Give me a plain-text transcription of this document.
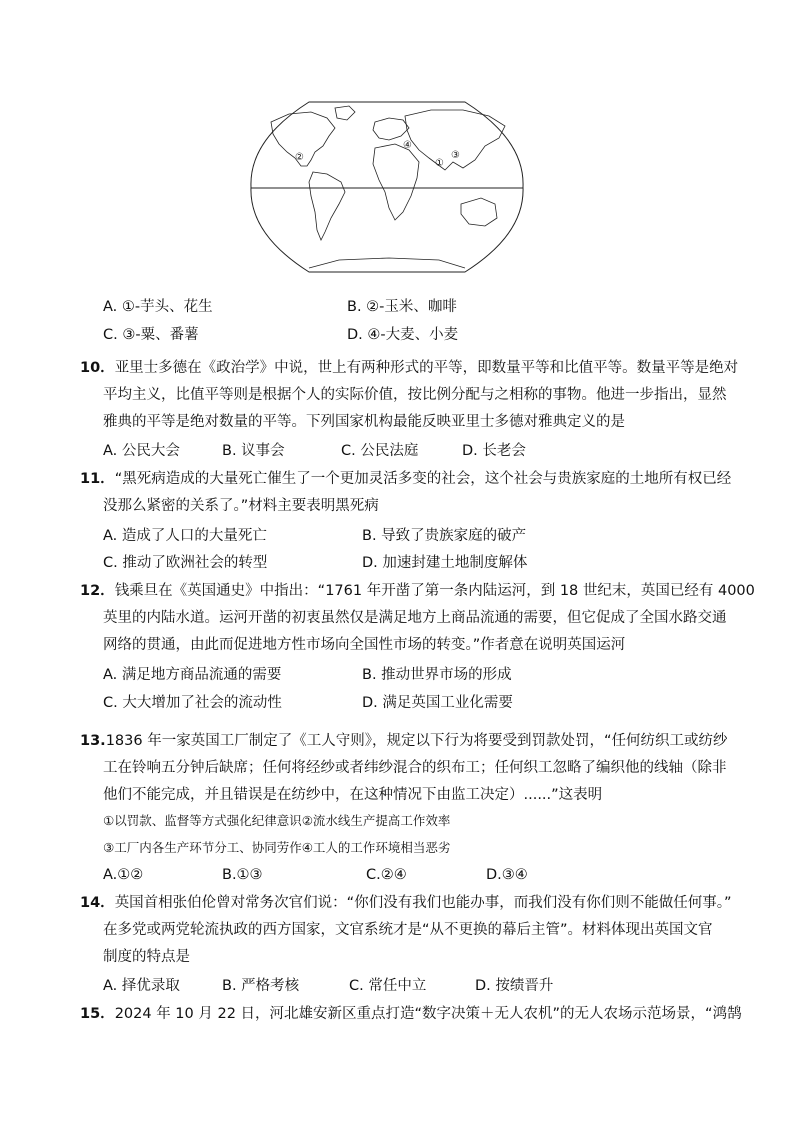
②
④
③
①
A. ①-芋头、花生	B. ②-玉米、咖啡
C. ③-粟、番薯	D. ④-大麦、小麦
10．亚里士多德在《政治学》中说，世上有两种形式的平等，即数量平等和比值平等。数量平等是绝对
平均主义，比值平等则是根据个人的实际价值，按比例分配与之相称的事物。他进一步指出，显然
雅典的平等是绝对数量的平等。下列国家机构最能反映亚里士多德对雅典定义的是
A. 公民大会	B. 议事会	C. 公民法庭	D. 长老会
11．“黑死病造成的大量死亡催生了一个更加灵活多变的社会，这个社会与贵族家庭的土地所有权已经
没那么紧密的关系了。”材料主要表明黑死病
A. 造成了人口的大量死亡	B. 导致了贵族家庭的破产
C. 推动了欧洲社会的转型	D. 加速封建土地制度解体
12．钱乘旦在《英国通史》中指出：“1761 年开凿了第一条内陆运河，到 18 世纪末，英国已经有 4000
英里的内陆水道。运河开凿的初衷虽然仅是满足地方上商品流通的需要，但它促成了全国水路交通
网络的贯通，由此而促进地方性市场向全国性市场的转变。”作者意在说明英国运河
A. 满足地方商品流通的需要	B. 推动世界市场的形成
C. 大大增加了社会的流动性	D. 满足英国工业化需要
13.1836 年一家英国工厂制定了《工人守则》，规定以下行为将要受到罚款处罚，“任何纺织工或纺纱
工在铃响五分钟后缺席；任何将经纱或者纬纱混合的织布工；任何织工忽略了编织他的线轴（除非
他们不能完成，并且错误是在纺纱中，在这种情况下由监工决定）......”这表明
①以罚款、监督等方式强化纪律意识②流水线生产提高工作效率
③工厂内各生产环节分工、协同劳作④工人的工作环境相当恶劣
A.①②	B.①③	C.②④	D.③④
14．英国首相张伯伦曾对常务次官们说：“你们没有我们也能办事，而我们没有你们则不能做任何事。”
在多党或两党轮流执政的西方国家，文官系统才是“从不更换的幕后主管”。材料体现出英国文官
制度的特点是
A. 择优录取	B. 严格考核	C. 常任中立	D. 按绩晋升
15．2024 年 10 月 22 日，河北雄安新区重点打造“数字决策＋无人农机”的无人农场示范场景，“鸿鹄
